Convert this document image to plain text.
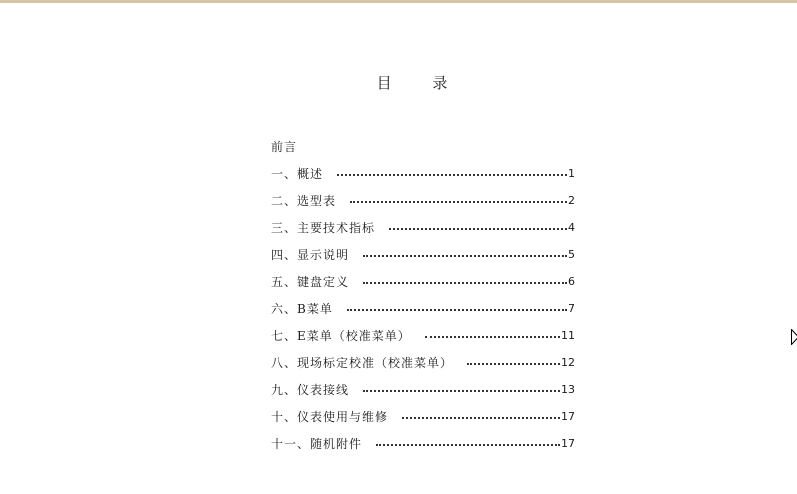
目 录
前言
一、概述	1
二、选型表	2
三、主要技术指标	4
四、显示说明	5
五、键盘定义	6
六、B菜单	7
七、E菜单（校准菜单）	11
八、现场标定校准（校准菜单）	12
九、仪表接线	13
十、仪表使用与维修	17
十一、随机附件	17
